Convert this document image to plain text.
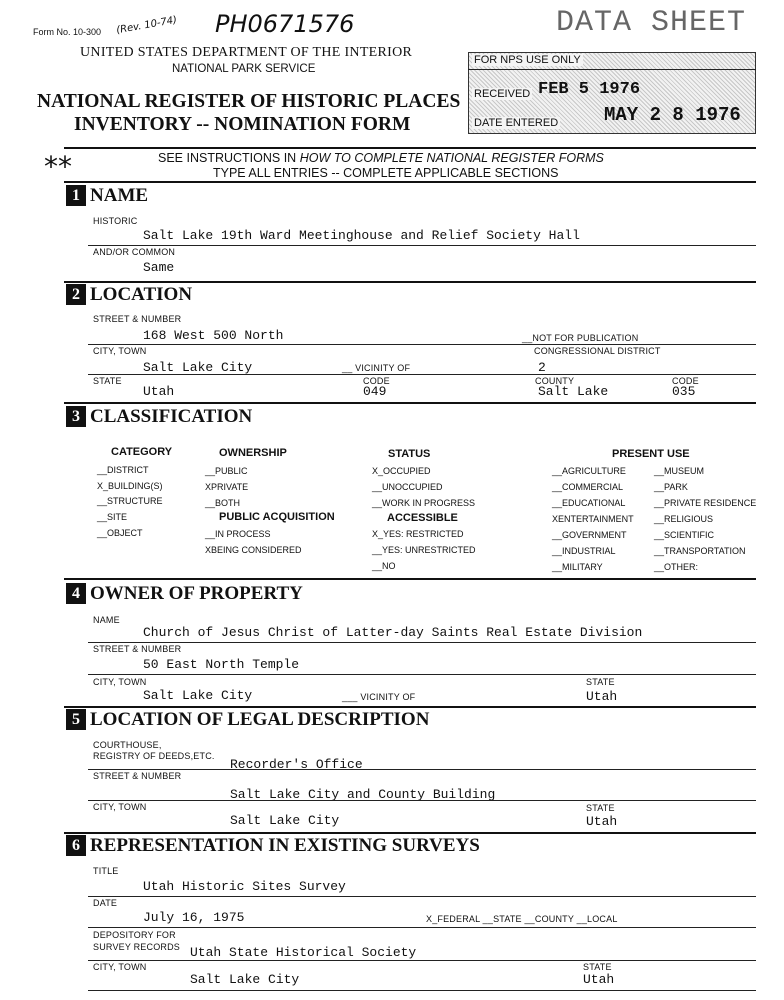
Form No. 10-300 (Rev. 10-74) PH0671576	DATA SHEET
UNITED STATES DEPARTMENT OF THE INTERIOR
NATIONAL PARK SERVICE
NATIONAL REGISTER OF HISTORIC PLACES
INVENTORY -- NOMINATION FORM
FOR NPS USE ONLY
RECEIVED FEB 5 1976
DATE ENTERED MAY 2 8 1976
**	SEE INSTRUCTIONS IN HOW TO COMPLETE NATIONAL REGISTER FORMS
TYPE ALL ENTRIES -- COMPLETE APPLICABLE SECTIONS
1 NAME
HISTORIC
Salt Lake 19th Ward Meetinghouse and Relief Society Hall
AND/OR COMMON
Same
2 LOCATION
STREET & NUMBER
168 West 500 North	__NOT FOR PUBLICATION
CITY, TOWN	CONGRESSIONAL DISTRICT
Salt Lake City	__ VICINITY OF	2
STATE	CODE	COUNTY	CODE
Utah	049	Salt Lake	035
3 CLASSIFICATION
CATEGORY
__DISTRICT
X_BUILDING(S)
__STRUCTURE
__SITE
__OBJECT
OWNERSHIP
__PUBLIC
XPRIVATE
__BOTH
PUBLIC ACQUISITION
__IN PROCESS
XBEING CONSIDERED
STATUS
X_OCCUPIED
__UNOCCUPIED
__WORK IN PROGRESS
ACCESSIBLE
X_YES: RESTRICTED
__YES: UNRESTRICTED
__NO
PRESENT USE
__AGRICULTURE
__COMMERCIAL
__EDUCATIONAL
XENTERTAINMENT
__GOVERNMENT
__INDUSTRIAL
__MILITARY
__MUSEUM
__PARK
__PRIVATE RESIDENCE
__RELIGIOUS
__SCIENTIFIC
__TRANSPORTATION
__OTHER:
4 OWNER OF PROPERTY
NAME
Church of Jesus Christ of Latter-day Saints Real Estate Division
STREET & NUMBER
50 East North Temple
CITY, TOWN	STATE
Salt Lake City	___ VICINITY OF	Utah
5 LOCATION OF LEGAL DESCRIPTION
COURTHOUSE,
REGISTRY OF DEEDS,ETC.
Recorder's Office
STREET & NUMBER
Salt Lake City and County Building
CITY, TOWN	STATE
Salt Lake City	Utah
6 REPRESENTATION IN EXISTING SURVEYS
TITLE
Utah Historic Sites Survey
DATE
July 16, 1975	X_FEDERAL __STATE __COUNTY __LOCAL
DEPOSITORY FOR
SURVEY RECORDS Utah State Historical Society
CITY, TOWN	STATE
Salt Lake City	Utah
